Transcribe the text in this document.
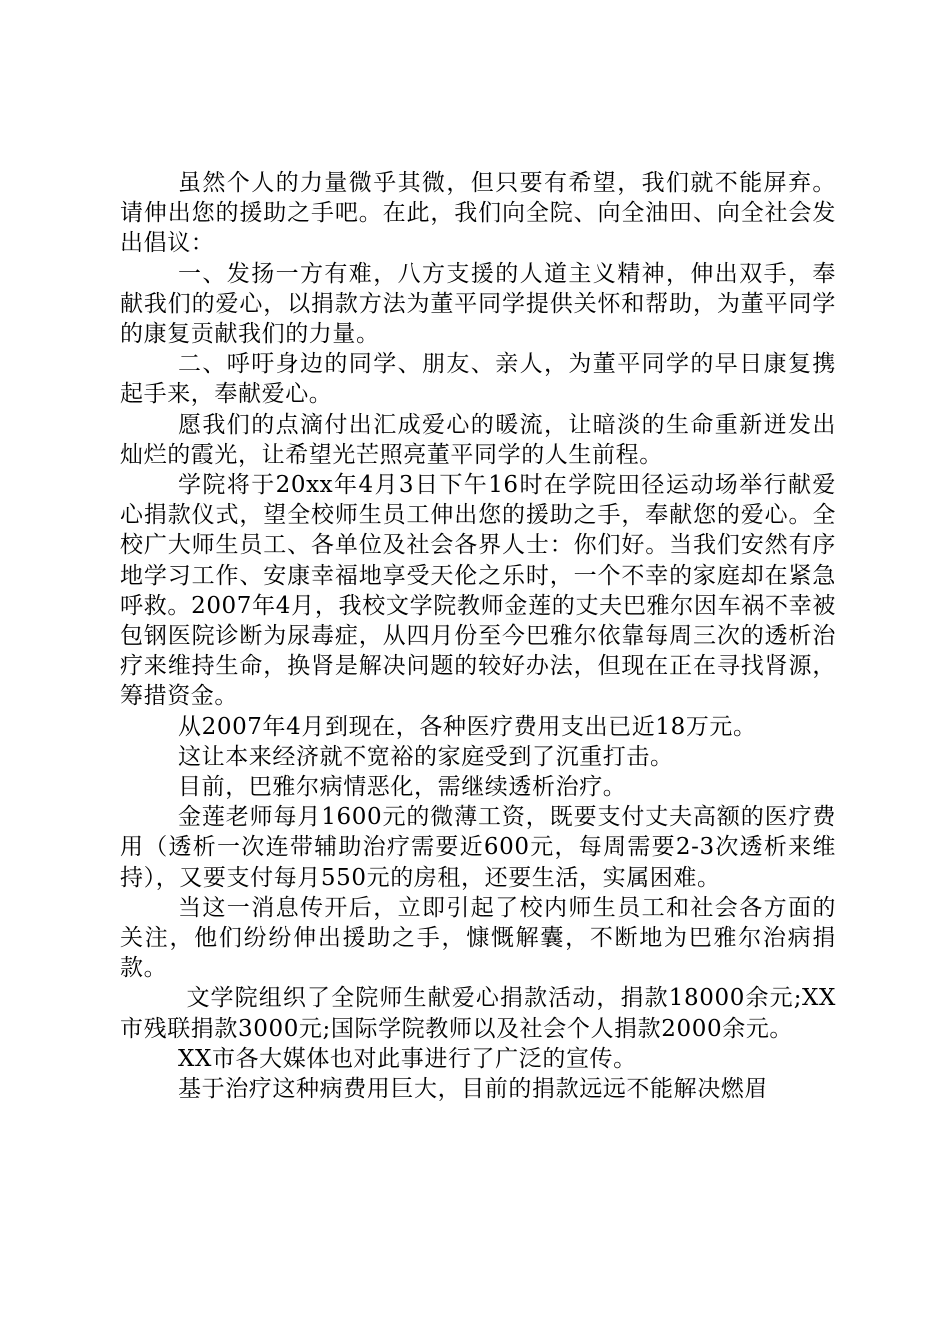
虽然个人的力量微乎其微，但只要有希望，我们就不能屏弃。请伸出您的援助之手吧。在此，我们向全院、向全油田、向全社会发出倡议：

一、发扬一方有难，八方支援的人道主义精神，伸出双手，奉献我们的爱心，以捐款方法为董平同学提供关怀和帮助，为董平同学的康复贡献我们的力量。

二、呼吁身边的同学、朋友、亲人，为董平同学的早日康复携起手来，奉献爱心。

愿我们的点滴付出汇成爱心的暖流，让暗淡的生命重新迸发出灿烂的霞光，让希望光芒照亮董平同学的人生前程。

学院将于20xx年4月3日下午16时在学院田径运动场举行献爱心捐款仪式，望全校师生员工伸出您的援助之手，奉献您的爱心。全校广大师生员工、各单位及社会各界人士：你们好。当我们安然有序地学习工作、安康幸福地享受天伦之乐时，一个不幸的家庭却在紧急呼救。2007年4月，我校文学院教师金莲的丈夫巴雅尔因车祸不幸被包钢医院诊断为尿毒症，从四月份至今巴雅尔依靠每周三次的透析治疗来维持生命，换肾是解决问题的较好办法，但现在正在寻找肾源，筹措资金。

从2007年4月到现在，各种医疗费用支出已近18万元。

这让本来经济就不宽裕的家庭受到了沉重打击。

目前，巴雅尔病情恶化，需继续透析治疗。

金莲老师每月1600元的微薄工资，既要支付丈夫高额的医疗费用（透析一次连带辅助治疗需要近600元，每周需要2-3次透析来维持），又要支付每月550元的房租，还要生活，实属困难。

当这一消息传开后，立即引起了校内师生员工和社会各方面的关注，他们纷纷伸出援助之手，慷慨解囊，不断地为巴雅尔治病捐款。

文学院组织了全院师生献爱心捐款活动，捐款18000余元;XX市残联捐款3000元;国际学院教师以及社会个人捐款2000余元。

XX市各大媒体也对此事进行了广泛的宣传。

基于治疗这种病费用巨大，目前的捐款远远不能解决燃眉
